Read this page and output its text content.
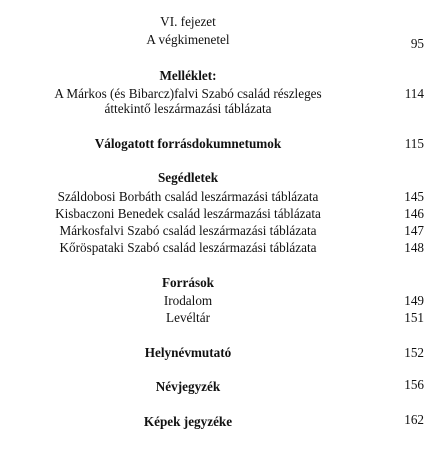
VI. fejezet
A végkimenetel	95
Melléklet:
A Márkos (és Bibarcz)falvi Szabó család részleges	114
áttekintő leszármazási táblázata
Válogatott forrásdokumnetumok	115
Segédletek
Száldobosi Borbáth család leszármazási táblázata	145
Kisbaczoni Benedek család leszármazási táblázata	146
Márkosfalvi Szabó család leszármazási táblázata	147
Kőröspataki Szabó család leszármazási táblázata	148
Források
Irodalom	149
Levéltár	151
Helynévmutató	152
Névjegyzék	156
Képek jegyzéke	162
